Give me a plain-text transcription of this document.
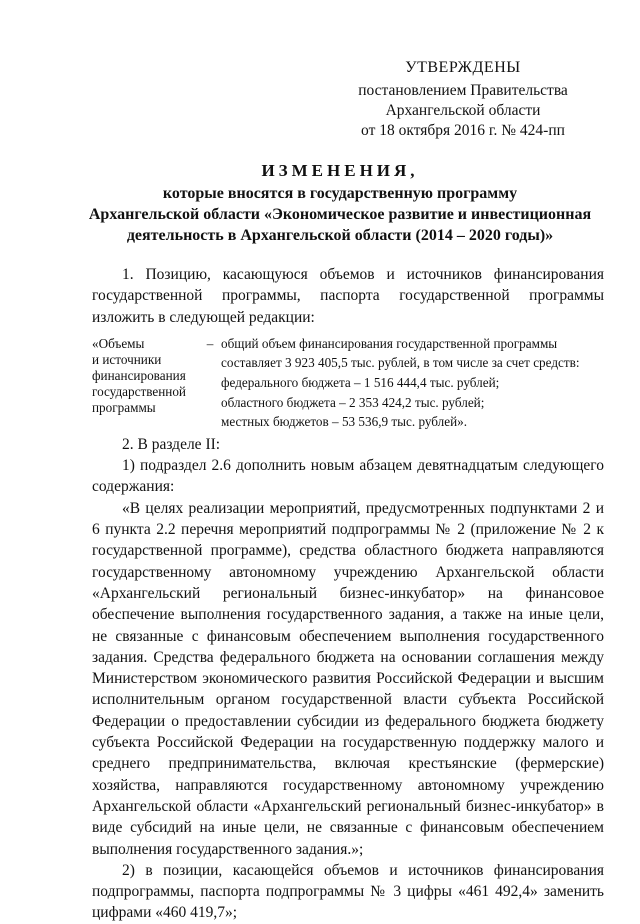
УТВЕРЖДЕНЫ
постановлением Правительства
Архангельской области
от 18 октября 2016 г. № 424-пп
ИЗМЕНЕНИЯ,
которые вносятся в государственную программу
Архангельской области «Экономическое развитие и инвестиционная
деятельность в Архангельской области (2014 – 2020 годы)»

1. Позицию, касающуюся объемов и источников финансирования государственной программы, паспорта государственной программы изложить в следующей редакции:

«Объемы
и источники
финансирования
государственной
программы
– общий объем финансирования государственной программы
составляет 3 923 405,5 тыс. рублей, в том числе за счет средств:
федерального бюджета – 1 516 444,4 тыс. рублей;
областного бюджета – 2 353 424,2 тыс. рублей;
местных бюджетов – 53 536,9 тыс. рублей».

2. В разделе II:

1) подраздел 2.6 дополнить новым абзацем девятнадцатым следующего содержания:

«В целях реализации мероприятий, предусмотренных подпунктами 2 и 6 пункта 2.2 перечня мероприятий подпрограммы № 2 (приложение № 2 к государственной программе), средства областного бюджета направляются государственному автономному учреждению Архангельской области «Архангельский региональный бизнес-инкубатор» на финансовое обеспечение выполнения государственного задания, а также на иные цели, не связанные с финансовым обеспечением выполнения государственного задания. Средства федерального бюджета на основании соглашения между Министерством экономического развития Российской Федерации и высшим исполнительным органом государственной власти субъекта Российской Федерации о предоставлении субсидии из федерального бюджета бюджету субъекта Российской Федерации на государственную поддержку малого и среднего предпринимательства, включая крестьянские (фермерские) хозяйства, направляются государственному автономному учреждению Архангельской области «Архангельский региональный бизнес-инкубатор» в виде субсидий на иные цели, не связанные с финансовым обеспечением выполнения государственного задания.»;

2) в позиции, касающейся объемов и источников финансирования подпрограммы, паспорта подпрограммы № 3 цифры «461 492,4» заменить цифрами «460 419,7»;
